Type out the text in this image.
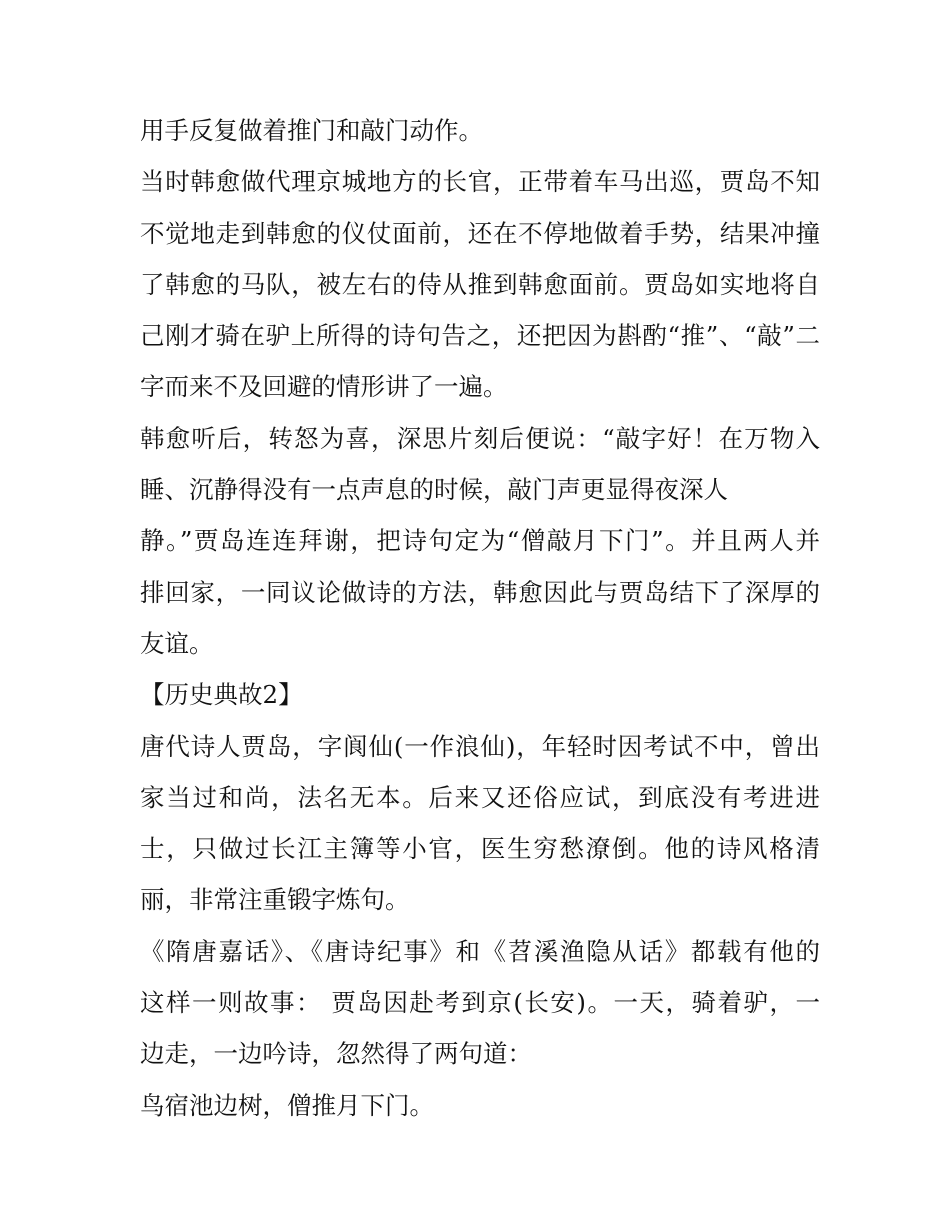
用手反复做着推门和敲门动作。
当时韩愈做代理京城地方的长官，正带着车马出巡，贾岛不知
不觉地走到韩愈的仪仗面前，还在不停地做着手势，结果冲撞
了韩愈的马队，被左右的侍从推到韩愈面前。贾岛如实地将自
己刚才骑在驴上所得的诗句告之，还把因为斟酌“推”、“敲”二
字而来不及回避的情形讲了一遍。
韩愈听后，转怒为喜，深思片刻后便说：“敲字好！在万物入
睡、沉静得没有一点声息的时候，敲门声更显得夜深人
静。”贾岛连连拜谢，把诗句定为“僧敲月下门”。并且两人并
排回家，一同议论做诗的方法，韩愈因此与贾岛结下了深厚的
友谊。
【历史典故2】
唐代诗人贾岛，字阆仙(一作浪仙)，年轻时因考试不中，曾出
家当过和尚，法名无本。后来又还俗应试，到底没有考进进
士，只做过长江主簿等小官，医生穷愁潦倒。他的诗风格清
丽，非常注重锻字炼句。
《隋唐嘉话》、《唐诗纪事》和《苕溪渔隐从话》都载有他的
这样一则故事： 贾岛因赴考到京(长安)。一天，骑着驴，一
边走，一边吟诗，忽然得了两句道：
鸟宿池边树，僧推月下门。
